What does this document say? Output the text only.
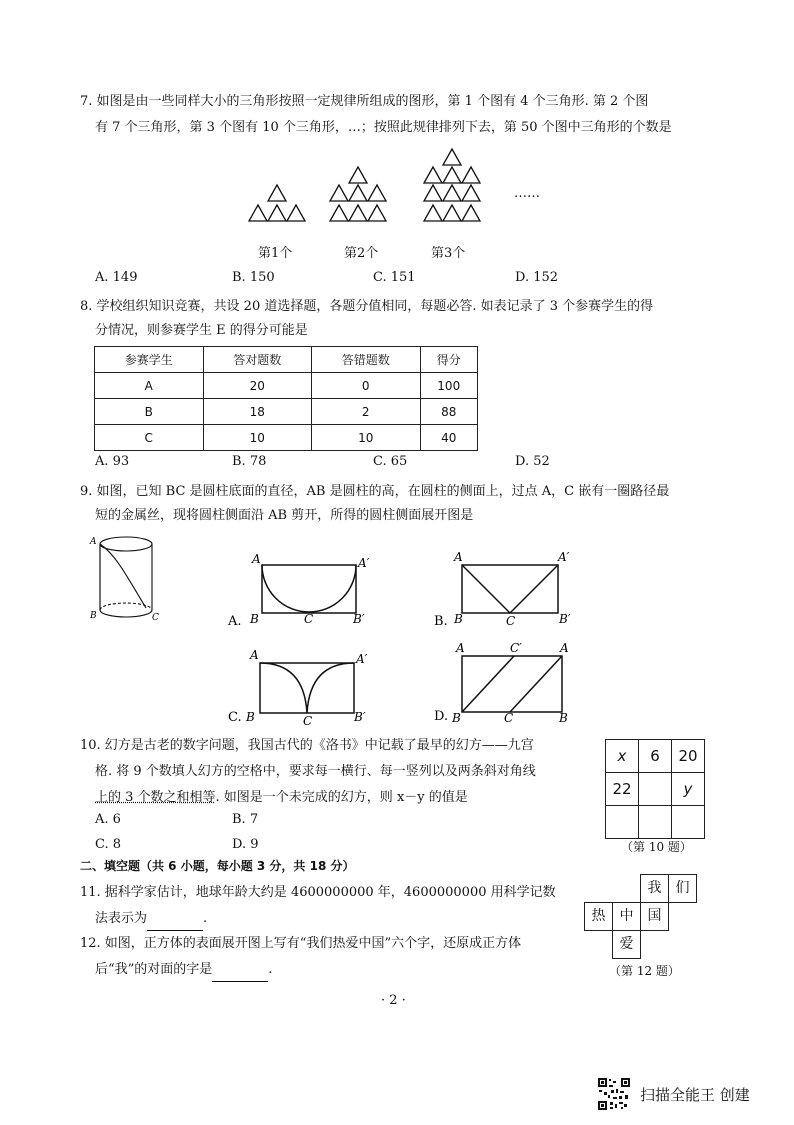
7. 如图是由一些同样大小的三角形按照一定规律所组成的图形，第 1 个图有 4 个三角形. 第 2 个图
有 7 个三角形，第 3 个图有 10 个三角形，…；按照此规律排列下去，第 50 个图中三角形的个数是
……
第1个	第2个	第3个
A. 149	B. 150	C. 151	D. 152
8. 学校组织知识竞赛，共设 20 道选择题，各题分值相同，每题必答. 如表记录了 3 个参赛学生的得
分情况，则参赛学生 E 的得分可能是
参赛学生	答对题数	答错题数	得分
A	20	0	100
B	18	2	88
C	10	10	40
A. 93	B. 78	C. 65	D. 52
9. 如图，已知 BC 是圆柱底面的直径，AB 是圆柱的高，在圆柱的侧面上，过点 A，C 嵌有一圈路径最
短的金属丝，现将圆柱侧面沿 AB 剪开，所得的圆柱侧面展开图是
A
B	C	A.
A	A′
B	C	B′	B.
A	A′
B	C	B′
C.
A	A′
B	C	B′	D.
A	C′	A
B	C	B
10. 幻方是古老的数字问题，我国古代的《洛书》中记载了最早的幻方——九宫
格. 将 9 个数填人幻方的空格中，要求每一横行、每一竖列以及两条斜对角线
上的 3 个数之和相等. 如图是一个未完成的幻方，则 x－y 的值是
A. 6	B. 7
C. 8	D. 9
x	6	20
22		y

（第 10 题）
二、填空题（共 6 小题，每小题 3 分，共 18 分）
11. 据科学家估计，地球年龄大约是 4600000000 年，4600000000 用科学记数
法表示为	.
12. 如图，正方体的表面展开图上写有“我们热爱中国”六个字，还原成正方体
后“我”的对面的字是	.
我	们
热	中	国
爱
（第 12 题）
· 2 ·
扫描全能王 创建
